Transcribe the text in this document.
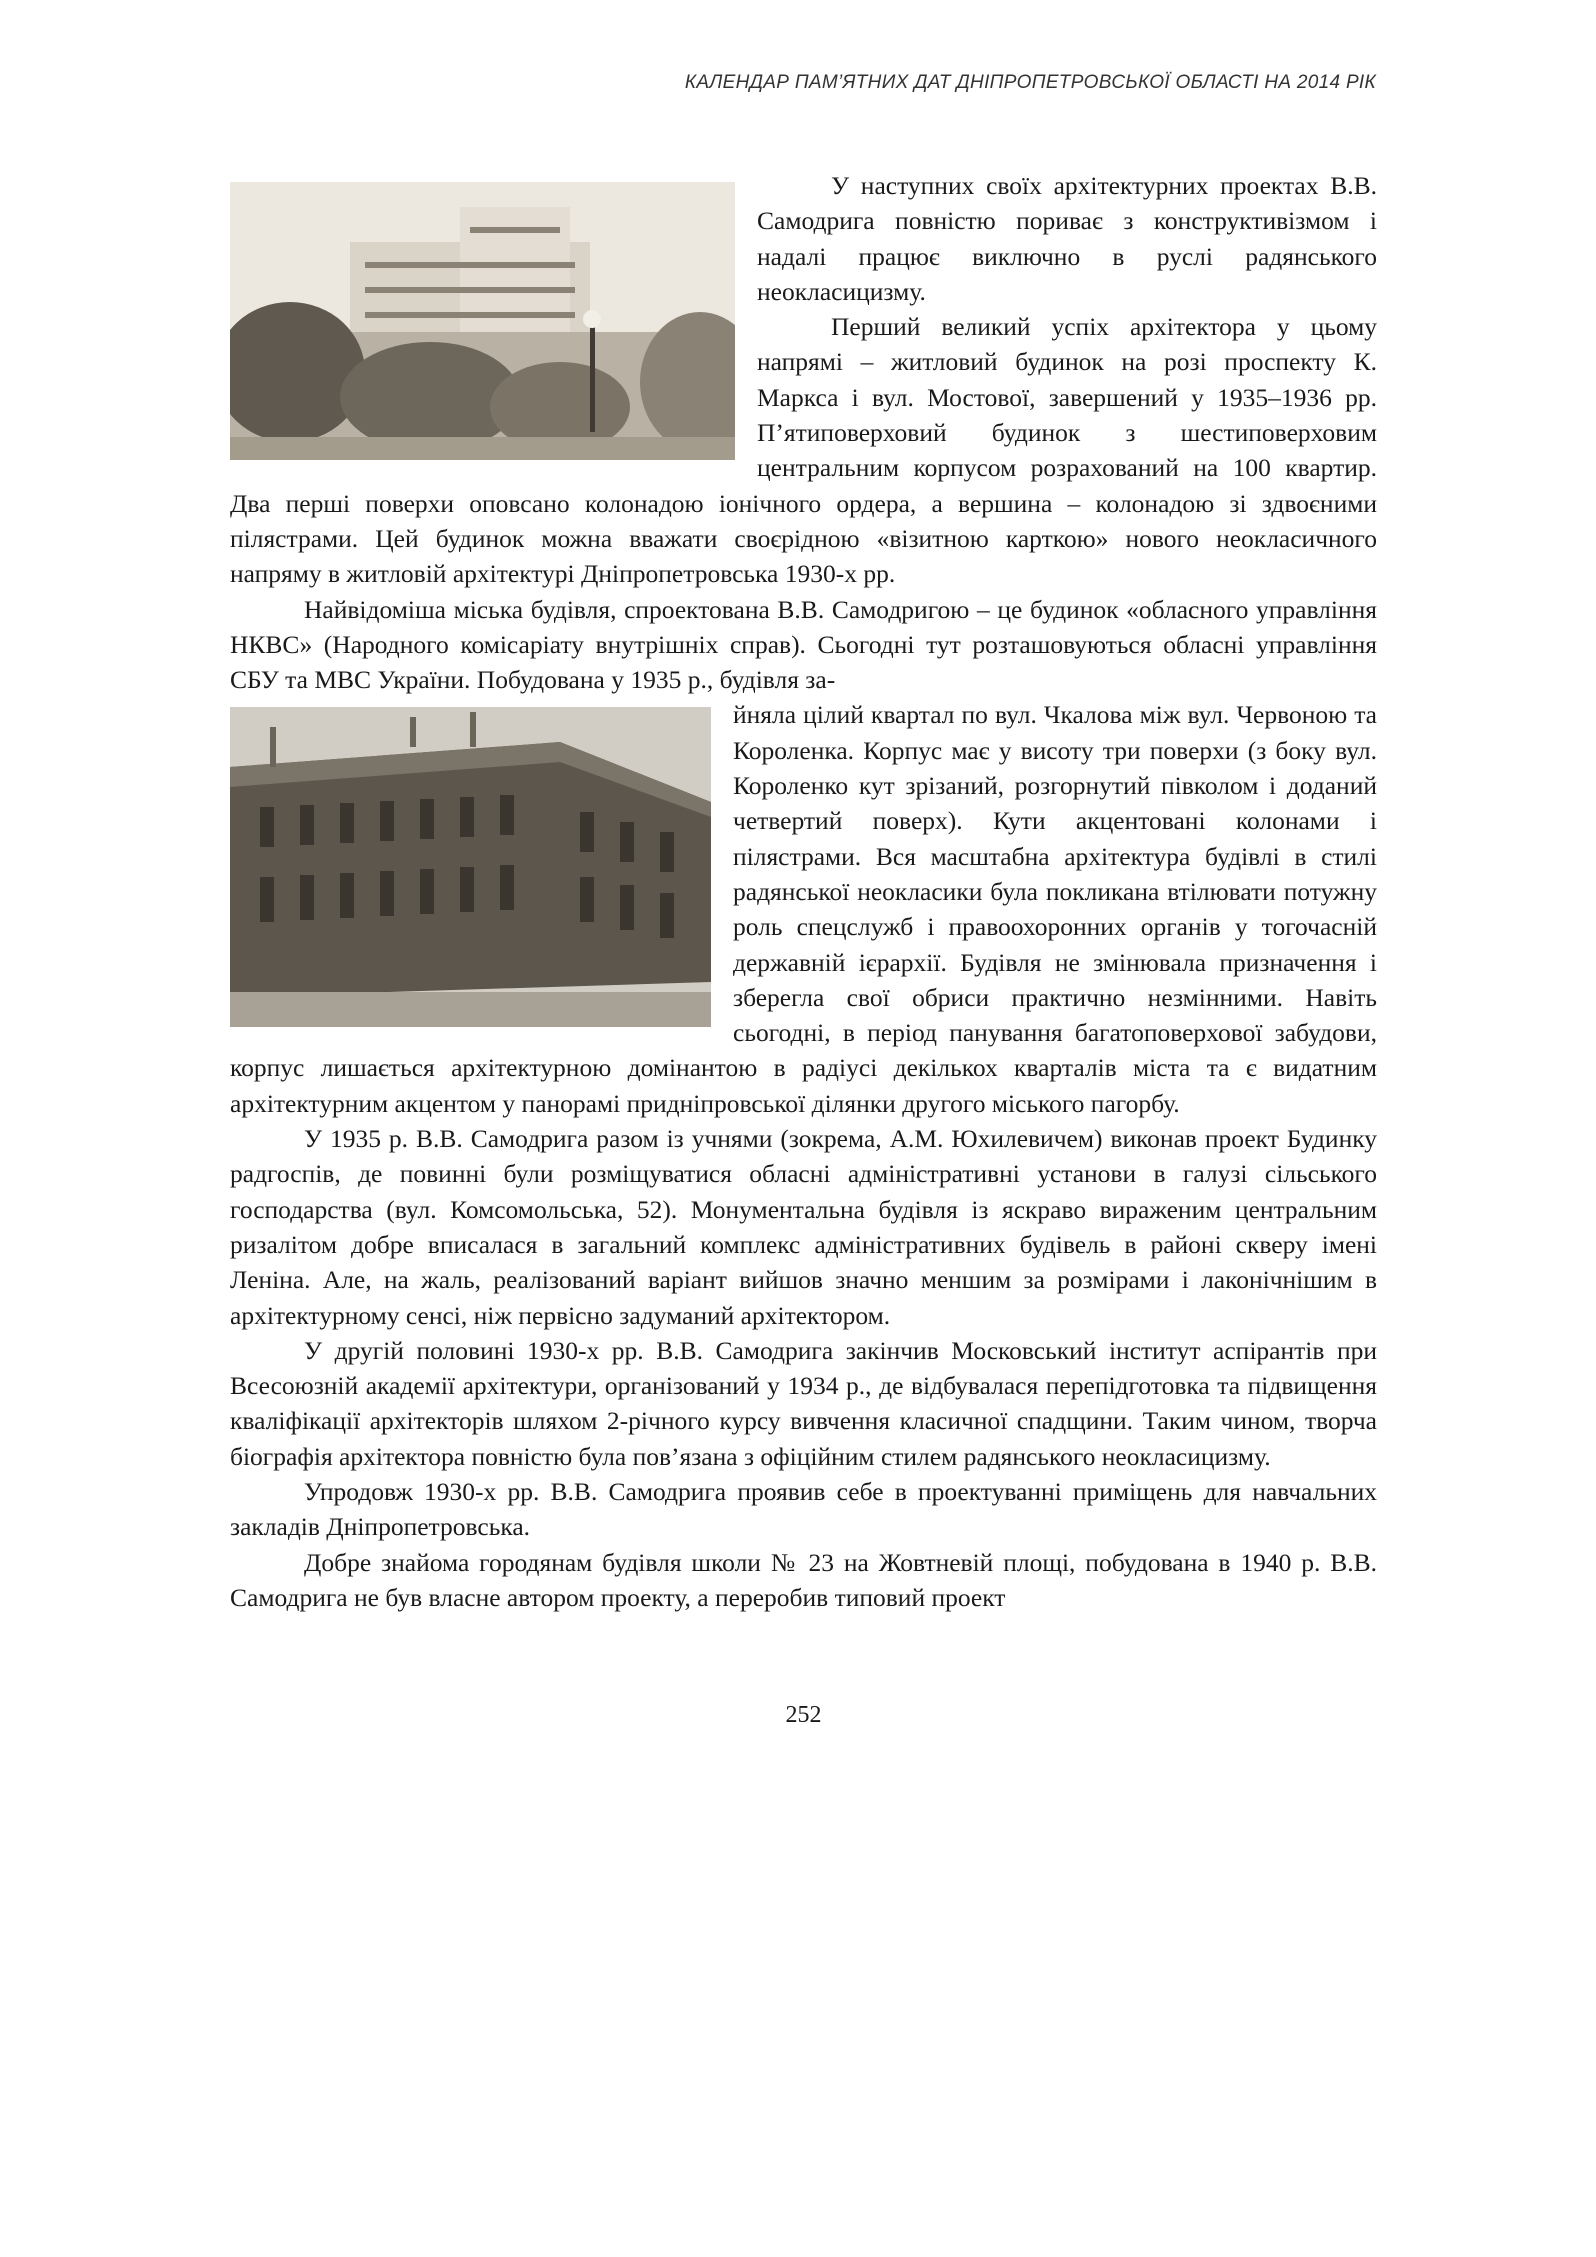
КАЛЕНДАР ПАМ’ЯТНИХ ДАТ ДНІПРОПЕТРОВСЬКОЇ ОБЛАСТІ НА 2014 РІК

У наступних своїх архітектурних проектах В.В. Самодрига повністю пориває з конструктивізмом і надалі працює виключно в руслі радянського неокласицизму.

Перший великий успіх архітектора у цьому напрямі – житловий будинок на розі проспекту К. Маркса і вул. Мостової, завершений у 1935–1936 рр. П’ятиповерховий будинок з шестиповерховим центральним корпусом розрахований на 100 квартир. Два перші поверхи оповсано колонадою іонічного ордера, а вершина – колонадою зі здвоєними пілястрами. Цей будинок можна вважати своєрідною «візитною карткою» нового неокласичного напряму в житловій архітектурі Дніпропетровська 1930-х рр.

Найвідоміша міська будівля, спроектована В.В. Самодригою – це будинок «обласного управління НКВС» (Народного комісаріату внутрішніх справ). Сьогодні тут розташовуються обласні управління СБУ та МВС України. Побудована у 1935 р., будівля за-

йняла цілий квартал по вул. Чкалова між вул. Червоною та Короленка. Корпус має у висоту три поверхи (з боку вул. Короленко кут зрізаний, розгорнутий півколом і доданий четвертий поверх). Кути акцентовані колонами і пілястрами. Вся масштабна архітектура будівлі в стилі радянської неокласики була покликана втілювати потужну роль спецслужб і правоохоронних органів у тогочасній державній ієрархії. Будівля не змінювала призначення і зберегла свої обриси практично незмінними. Навіть сьогодні, в період панування багатоповерхової забудови, корпус лишається архітектурною домінантою в радіусі декількох кварталів міста та є видатним архітектурним акцентом у панорамі придніпровської ділянки другого міського пагорбу.

У 1935 р. В.В. Самодрига разом із учнями (зокрема, А.М. Юхилевичем) виконав проект Будинку радгоспів, де повинні були розміщуватися обласні адміністративні установи в галузі сільського господарства (вул. Комсомольська, 52). Монументальна будівля із яскраво вираженим центральним ризалітом добре вписалася в загальний комплекс адміністративних будівель в районі скверу імені Леніна. Але, на жаль, реалізований варіант вийшов значно меншим за розмірами і лаконічнішим в архітектурному сенсі, ніж первісно задуманий архітектором.

У другій половині 1930-х рр. В.В. Самодрига закінчив Московський інститут аспірантів при Всесоюзній академії архітектури, організований у 1934 р., де відбувалася перепідготовка та підвищення кваліфікації архітекторів шляхом 2-річного курсу вивчення класичної спадщини. Таким чином, творча біографія архітектора повністю була пов’язана з офіційним стилем радянського неокласицизму.

Упродовж 1930-х рр. В.В. Самодрига проявив себе в проектуванні приміщень для навчальних закладів Дніпропетровська.

Добре знайома городянам будівля школи № 23 на Жовтневій площі, побудована в 1940 р. В.В. Самодрига не був власне автором проекту, а переробив типовий проект

252
